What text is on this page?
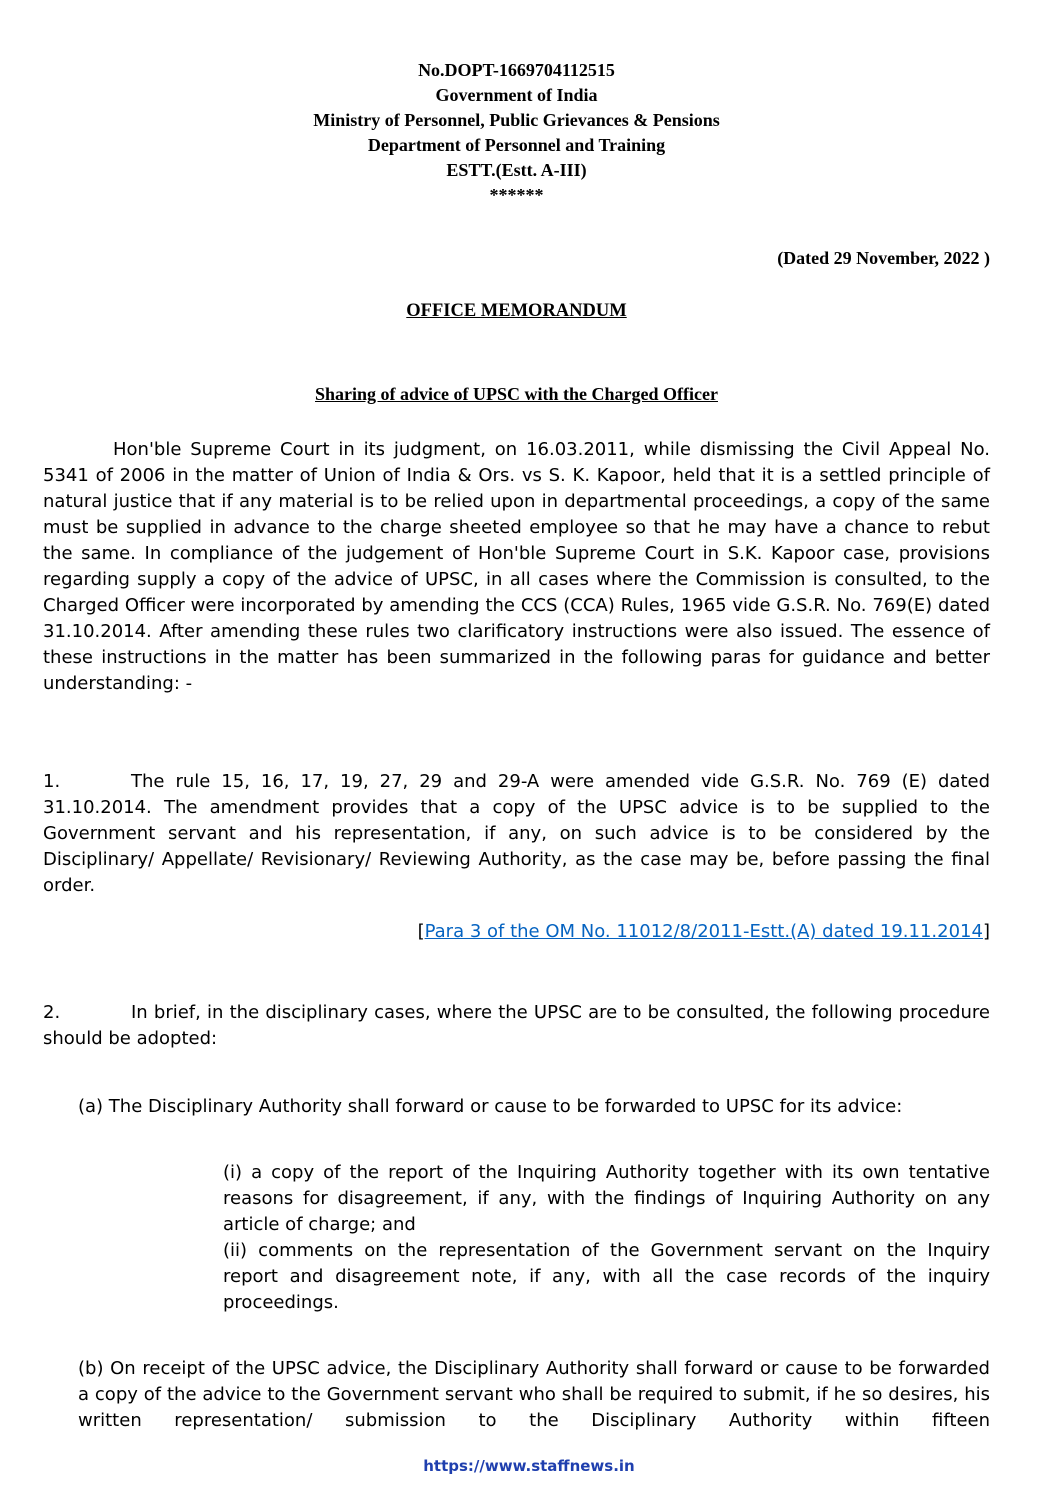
No.DOPT-1669704112515
Government of India
Ministry of Personnel, Public Grievances & Pensions
Department of Personnel and Training
ESTT.(Estt. A-III)
******
(Dated 29 November, 2022 )
OFFICE MEMORANDUM
Sharing of advice of UPSC with the Charged Officer

Hon'ble Supreme Court in its judgment, on 16.03.2011, while dismissing the Civil Appeal No. 5341 of 2006 in the matter of Union of India & Ors. vs S. K. Kapoor, held that it is a settled principle of natural justice that if any material is to be relied upon in departmental proceedings, a copy of the same must be supplied in advance to the charge sheeted employee so that he may have a chance to rebut the same. In compliance of the judgement of Hon'ble Supreme Court in S.K. Kapoor case, provisions regarding supply a copy of the advice of UPSC, in all cases where the Commission is consulted, to the Charged Officer were incorporated by amending the CCS (CCA) Rules, 1965 vide G.S.R. No. 769(E) dated 31.10.2014. After amending these rules two clarificatory instructions were also issued. The essence of these instructions in the matter has been summarized in the following paras for guidance and better understanding: -

1.	The rule 15, 16, 17, 19, 27, 29 and 29-A were amended vide G.S.R. No. 769 (E) dated 31.10.2014. The amendment provides that a copy of the UPSC advice is to be supplied to the Government servant and his representation, if any, on such advice is to be considered by the Disciplinary/ Appellate/ Revisionary/ Reviewing Authority, as the case may be, before passing the final order.

[Para 3 of the OM No. 11012/8/2011-Estt.(A) dated 19.11.2014]

2.	In brief, in the disciplinary cases, where the UPSC are to be consulted, the following procedure should be adopted:

(a) The Disciplinary Authority shall forward or cause to be forwarded to UPSC for its advice:

(i) a copy of the report of the Inquiring Authority together with its own tentative reasons for disagreement, if any, with the findings of Inquiring Authority on any article of charge; and

(ii) comments on the representation of the Government servant on the Inquiry report and disagreement note, if any, with all the case records of the inquiry proceedings.

(b) On receipt of the UPSC advice, the Disciplinary Authority shall forward or cause to be forwarded a copy of the advice to the Government servant who shall be required to submit, if he so desires, his written representation/ submission to the Disciplinary Authority within fifteen

https://www.staffnews.in
